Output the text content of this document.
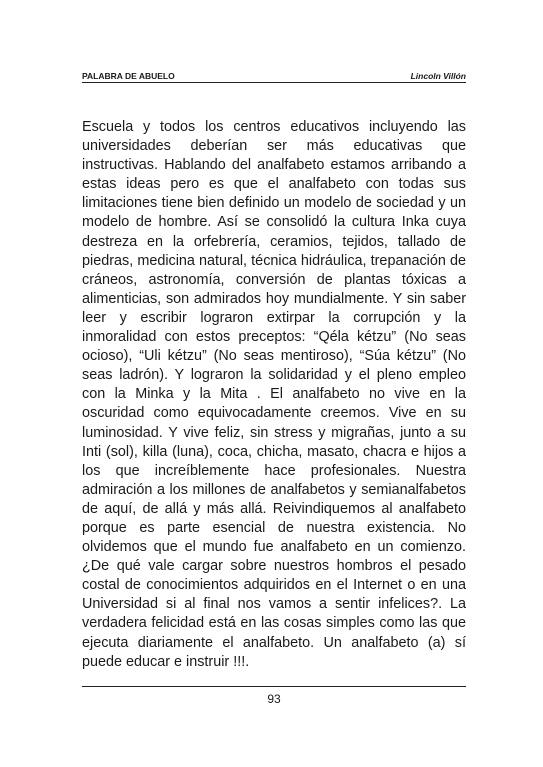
PALABRA DE ABUELO	Lincoln Villón

Escuela y todos los centros educativos incluyendo las universidades deberían ser más educativas que instructivas. Hablando del analfabeto estamos arribando a estas ideas pero es que el analfabeto con todas sus limitaciones tiene bien definido un modelo de sociedad y un modelo de hombre. Así se consolidó la cultura Inka cuya destreza en la orfebrería, ceramios, tejidos, tallado de piedras, medicina natural, técnica hidráulica, trepanación de cráneos, astronomía, conversión de plantas tóxicas a alimenticias, son admirados hoy mundialmente. Y sin saber leer y escribir lograron extirpar la corrupción y la inmoralidad con estos preceptos: “Qéla kétzu” (No seas ocioso), “Uli kétzu” (No seas mentiroso), “Súa kétzu” (No seas ladrón). Y lograron la solidaridad y el pleno empleo con la Minka y la Mita . El analfabeto no vive en la oscuridad como equivocadamente creemos. Vive en su luminosidad. Y vive feliz, sin stress y migrañas, junto a su Inti (sol), killa (luna), coca, chicha, masato, chacra e hijos a los que increíblemente hace profesionales. Nuestra admiración a los millones de analfabetos y semianalfabetos de aquí, de allá y más allá. Reivindiquemos al analfabeto porque es parte esencial de nuestra existencia. No olvidemos que el mundo fue analfabeto en un comienzo. ¿De qué vale cargar sobre nuestros hombros el pesado costal de conocimientos adquiridos en el Internet o en una Universidad si al final nos vamos a sentir infelices?. La verdadera felicidad está en las cosas simples como las que ejecuta diariamente el analfabeto. Un analfabeto (a) sí puede educar e instruir !!!.

93
